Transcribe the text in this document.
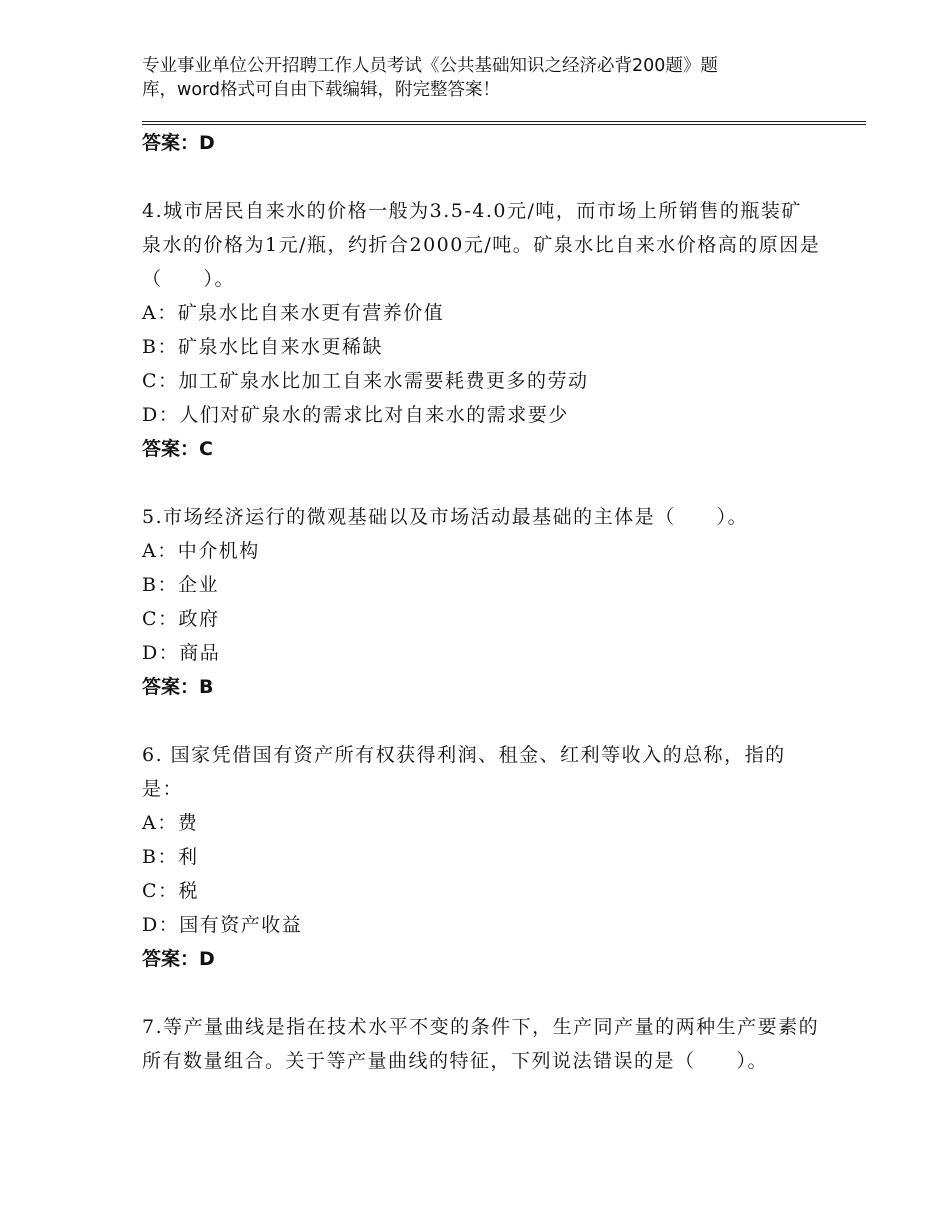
专业事业单位公开招聘工作人员考试《公共基础知识之经济必背200题》题
库，word格式可自由下载编辑，附完整答案！
答案：D
4.城市居民自来水的价格一般为3.5-4.0元/吨，而市场上所销售的瓶装矿泉水的价格为1元/瓶，约折合2000元/吨。矿泉水比自来水价格高的原因是（　　）。
A：矿泉水比自来水更有营养价值
B：矿泉水比自来水更稀缺
C：加工矿泉水比加工自来水需要耗费更多的劳动
D：人们对矿泉水的需求比对自来水的需求要少
答案：C
5.市场经济运行的微观基础以及市场活动最基础的主体是（　　）。
A：中介机构
B：企业
C：政府
D：商品
答案：B
6. 国家凭借国有资产所有权获得利润、租金、红利等收入的总称，指的是：
A：费
B：利
C：税
D：国有资产收益
答案：D
7.等产量曲线是指在技术水平不变的条件下，生产同产量的两种生产要素的所有数量组合。关于等产量曲线的特征，下列说法错误的是（　　）。
